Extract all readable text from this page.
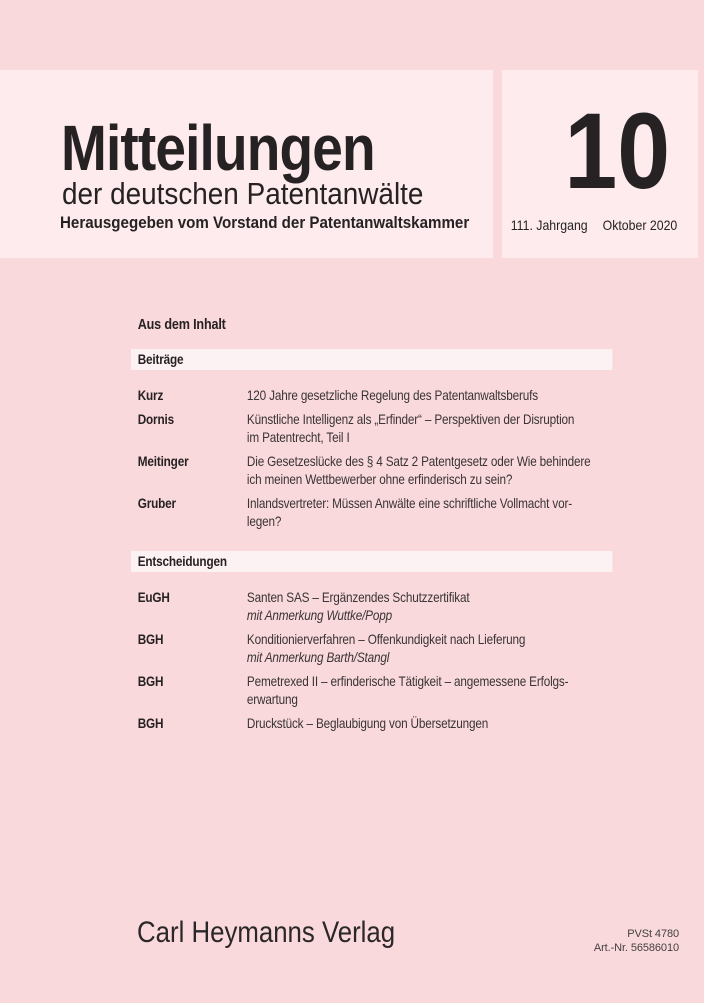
Mitteilungen
der deutschen Patentanwälte
Herausgegeben vom Vorstand der Patentanwaltskammer
10
111. Jahrgang Oktober 2020
Aus dem Inhalt
Beiträge
Kurz	120 Jahre gesetzliche Regelung des Patentanwaltsberufs
Dornis	Künstliche Intelligenz als „Erfinder“ – Perspektiven der Disruption
im Patentrecht, Teil I
Meitinger	Die Gesetzeslücke des § 4 Satz 2 Patentgesetz oder Wie behindere
ich meinen Wettbewerber ohne erfinderisch zu sein?
Gruber	Inlandsvertreter: Müssen Anwälte eine schriftliche Vollmacht vor-
legen?
Entscheidungen
EuGH	Santen SAS – Ergänzendes Schutzzertifikat
mit Anmerkung Wuttke/Popp
BGH	Konditionierverfahren – Offenkundigkeit nach Lieferung
mit Anmerkung Barth/Stangl
BGH	Pemetrexed II – erfinderische Tätigkeit – angemessene Erfolgs-
erwartung
BGH	Druckstück – Beglaubigung von Übersetzungen
Carl Heymanns Verlag	PVSt 4780
Art.-Nr. 56586010
